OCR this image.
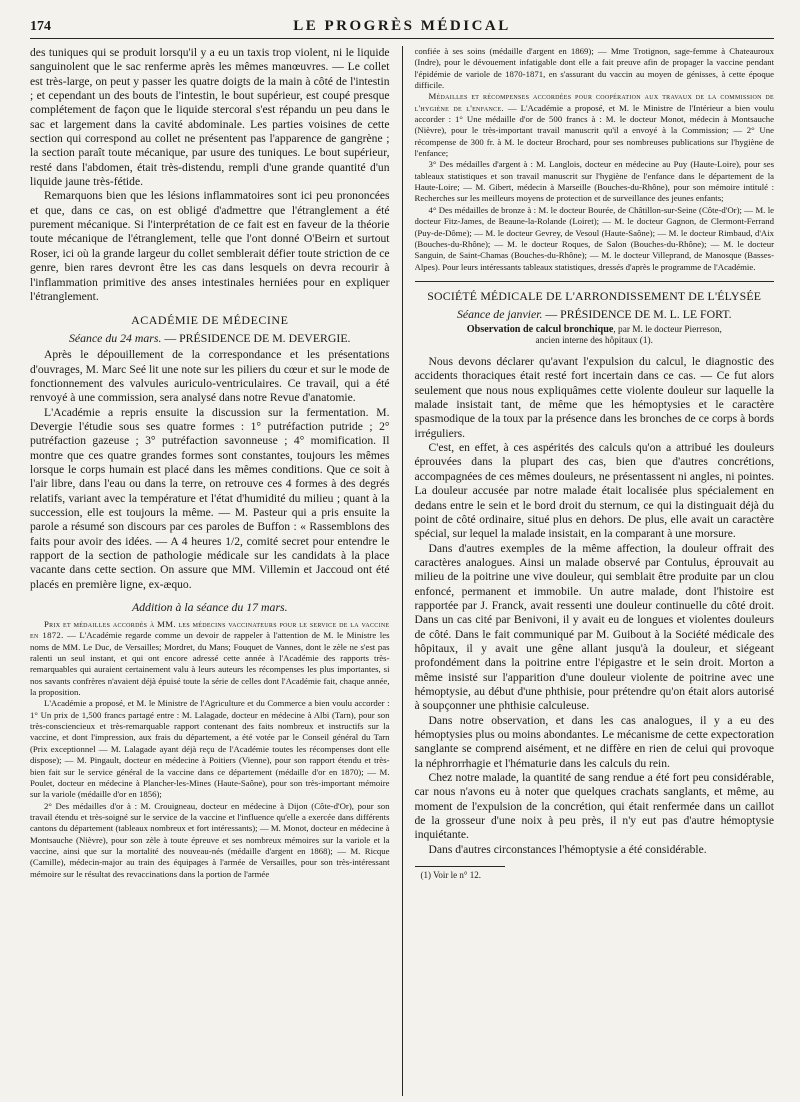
174	LE PROGRÈS MÉDICAL

des tuniques qui se produit lorsqu'il y a eu un taxis trop violent, ni le liquide sanguinolent que le sac renferme après les mêmes manœuvres. — Le collet est très-large, on peut y passer les quatre doigts de la main à côté de l'intestin ; et cependant un des bouts de l'intestin, le bout supérieur, est coupé presque complétement de façon que le liquide stercoral s'est répandu un peu dans le sac et largement dans la cavité abdominale. Les parties voisines de cette section qui correspond au collet ne présentent pas l'apparence de gangrène ; la section paraît toute mécanique, par usure des tuniques. Le bout supérieur, resté dans l'abdomen, était très-distendu, rempli d'une grande quantité d'un liquide jaune très-fétide.

Remarquons bien que les lésions inflammatoires sont ici peu prononcées et que, dans ce cas, on est obligé d'admettre que l'étranglement a été purement mécanique. Si l'interprétation de ce fait est en faveur de la théorie toute mécanique de l'étranglement, telle que l'ont donné O'Beirn et surtout Roser, ici où la grande largeur du collet semblerait défier toute striction de ce genre, bien rares devront être les cas dans lesquels on devra recourir à l'inflammation primitive des anses intestinales herniées pour en expliquer l'étranglement.

ACADÉMIE DE MÉDECINE
Séance du 24 mars. — PRÉSIDENCE DE M. DEVERGIE.

Après le dépouillement de la correspondance et les présentations d'ouvrages, M. Marc Seé lit une note sur les piliers du cœur et sur le mode de fonctionnement des valvules auriculo-ventriculaires. Ce travail, qui a été renvoyé à une commission, sera analysé dans notre Revue d'anatomie.

L'Académie a repris ensuite la discussion sur la fermentation. M. Devergie l'étudie sous ses quatre formes : 1° putréfaction putride ; 2° putréfaction gazeuse ; 3° putréfaction savonneuse ; 4° momification. Il montre que ces quatre grandes formes sont constantes, toujours les mêmes lorsque le corps humain est placé dans les mêmes conditions. Que ce soit à l'air libre, dans l'eau ou dans la terre, on retrouve ces 4 formes à des degrés relatifs, variant avec la température et l'état d'humidité du milieu ; quant à la succession, elle est toujours la même. — M. Pasteur qui a pris ensuite la parole a résumé son discours par ces paroles de Buffon : « Rassemblons des faits pour avoir des idées. — A 4 heures 1/2, comité secret pour entendre le rapport de la section de pathologie médicale sur les candidats à la place vacante dans cette section. On assure que MM. Villemin et Jaccoud ont été placés en première ligne, ex-æquo.

Addition à la séance du 17 mars.

Prix et médailles accordés à MM. les médecins vaccinateurs pour le service de la vaccine en 1872. — L'Académie regarde comme un devoir de rappeler à l'attention de M. le Ministre les noms de MM. Le Duc, de Versailles; Mordret, du Mans; Fouquet de Vannes, dont le zèle ne s'est pas ralenti un seul instant, et qui ont encore adressé cette année à l'Académie des rapports très-remarquables qui auraient certainement valu à leurs auteurs les récompenses les plus importantes, si nos savants confrères n'avaient déjà épuisé toute la série de celles dont l'Académie fait, chaque année, la proposition.

L'Académie a proposé, et M. le Ministre de l'Agriculture et du Commerce a bien voulu accorder : 1° Un prix de 1,500 francs partagé entre : M. Lalagade, docteur en médecine à Albi (Tarn), pour son très-consciencieux et très-remarquable rapport contenant des faits nombreux et instructifs sur la vaccine, et dont l'impression, aux frais du département, a été votée par le Conseil général du Tarn (Prix exceptionnel — M. Lalagade ayant déjà reçu de l'Académie toutes les récompenses dont elle dispose); — M. Pingault, docteur en médecine à Poitiers (Vienne), pour son rapport étendu et très-bien fait sur le service général de la vaccine dans ce département (médaille d'or en 1870); — M. Poulet, docteur en médecine à Plancher-les-Mines (Haute-Saône), pour son très-important mémoire sur la variole (médaille d'or en 1856);

2° Des médailles d'or à : M. Crouigneau, docteur en médecine à Dijon (Côte-d'Or), pour son travail étendu et très-soigné sur le service de la vaccine et l'influence qu'elle a exercée dans différents cantons du département (tableaux nombreux et fort intéressants); — M. Monot, docteur en médecine à Montsauche (Nièvre), pour son zèle à toute épreuve et ses nombreux mémoires sur la variole et la vaccine, ainsi que sur la mortalité des nouveau-nés (médaille d'argent en 1868); — M. Ricque (Camille), médecin-major au train des équipages à l'armée de Versailles, pour son très-intéressant mémoire sur le résultat des revaccinations dans la portion de l'armée

confiée à ses soins (médaille d'argent en 1869); — Mme Trotignon, sage-femme à Chateauroux (Indre), pour le dévouement infatigable dont elle a fait preuve afin de propager la vaccine pendant l'épidémie de variole de 1870-1871, en s'assurant du vaccin au moyen de génisses, à cette époque difficile.

Médailles et récompenses accordées pour coopération aux travaux de la commission de l'hygiène de l'enfance. — L'Académie a proposé, et M. le Ministre de l'Intérieur a bien voulu accorder : 1° Une médaille d'or de 500 francs à : M. le docteur Monot, médecin à Montsauche (Nièvre), pour le très-important travail manuscrit qu'il a envoyé à la Commission; — 2° Une récompense de 300 fr. à M. le docteur Brochard, pour ses nombreuses publications sur l'hygiène de l'enfance;

3° Des médailles d'argent à : M. Langlois, docteur en médecine au Puy (Haute-Loire), pour ses tableaux statistiques et son travail manuscrit sur l'hygiène de l'enfance dans le département de la Haute-Loire; — M. Gibert, médecin à Marseille (Bouches-du-Rhône), pour son mémoire intitulé : Recherches sur les meilleurs moyens de protection et de surveillance des jeunes enfants;

4° Des médailles de bronze à : M. le docteur Bourée, de Châtillon-sur-Seine (Côte-d'Or); — M. le docteur Fitz-James, de Beaune-la-Rolande (Loiret); — M. le docteur Gagnon, de Clermont-Ferrand (Puy-de-Dôme); — M. le docteur Gevrey, de Vesoul (Haute-Saône); — M. le docteur Rimbaud, d'Aix (Bouches-du-Rhône); — M. le docteur Roques, de Salon (Bouches-du-Rhône); — M. le docteur Sanguin, de Saint-Chamas (Bouches-du-Rhône); — M. le docteur Villeprand, de Manosque (Basses-Alpes). Pour leurs intéressants tableaux statistiques, dressés d'après le programme de l'Académie.

SOCIÉTÉ MÉDICALE DE L'ARRONDISSEMENT DE L'ÉLYSÉE
Séance de janvier. — PRÉSIDENCE DE M. L. LE FORT.
Observation de calcul bronchique, par M. le docteur Pierreson,
ancien interne des hôpitaux (1).

Nous devons déclarer qu'avant l'expulsion du calcul, le diagnostic des accidents thoraciques était resté fort incertain dans ce cas. — Ce fut alors seulement que nous nous expliquâmes cette violente douleur sur laquelle la malade insistait tant, de même que les hémoptysies et le caractère spasmodique de la toux par la présence dans les bronches de ce corps à bords irréguliers.

C'est, en effet, à ces aspérités des calculs qu'on a attribué les douleurs éprouvées dans la plupart des cas, bien que d'autres concrétions, accompagnées de ces mêmes douleurs, ne présentassent ni angles, ni pointes. La douleur accusée par notre malade était localisée plus spécialement en dedans entre le sein et le bord droit du sternum, ce qui la distinguait déjà du point de côté ordinaire, situé plus en dehors. De plus, elle avait un caractère spécial, sur lequel la malade insistait, en la comparant à une morsure.

Dans d'autres exemples de la même affection, la douleur offrait des caractères analogues. Ainsi un malade observé par Contulus, éprouvait au milieu de la poitrine une vive douleur, qui semblait être produite par un clou enfoncé, permanent et immobile. Un autre malade, dont l'histoire est rapportée par J. Franck, avait ressenti une douleur continuelle du côté droit. Dans un cas cité par Benivoni, il y avait eu de longues et violentes douleurs de côté. Dans le fait communiqué par M. Guibout à la Société médicale des hôpitaux, il y avait une gêne allant jusqu'à la douleur, et siégeant profondément dans la poitrine entre l'épigastre et le sein droit. Morton a même insisté sur l'apparition d'une douleur violente de poitrine avec une hémoptysie, au début d'une phthisie, pour prétendre qu'on était alors autorisé à soupçonner une phthisie calculeuse.

Dans notre observation, et dans les cas analogues, il y a eu des hémoptysies plus ou moins abondantes. Le mécanisme de cette expectoration sanglante se comprend aisément, et ne diffère en rien de celui qui provoque la néphrorrhagie et l'hématurie dans les calculs du rein.

Chez notre malade, la quantité de sang rendue a été fort peu considérable, car nous n'avons eu à noter que quelques crachats sanglants, et même, au moment de l'expulsion de la concrétion, qui était renfermée dans un caillot de la grosseur d'une noix à peu près, il n'y eut pas d'autre hémoptysie inquiétante.

Dans d'autres circonstances l'hémoptysie a été considérable.

(1) Voir le n° 12.
